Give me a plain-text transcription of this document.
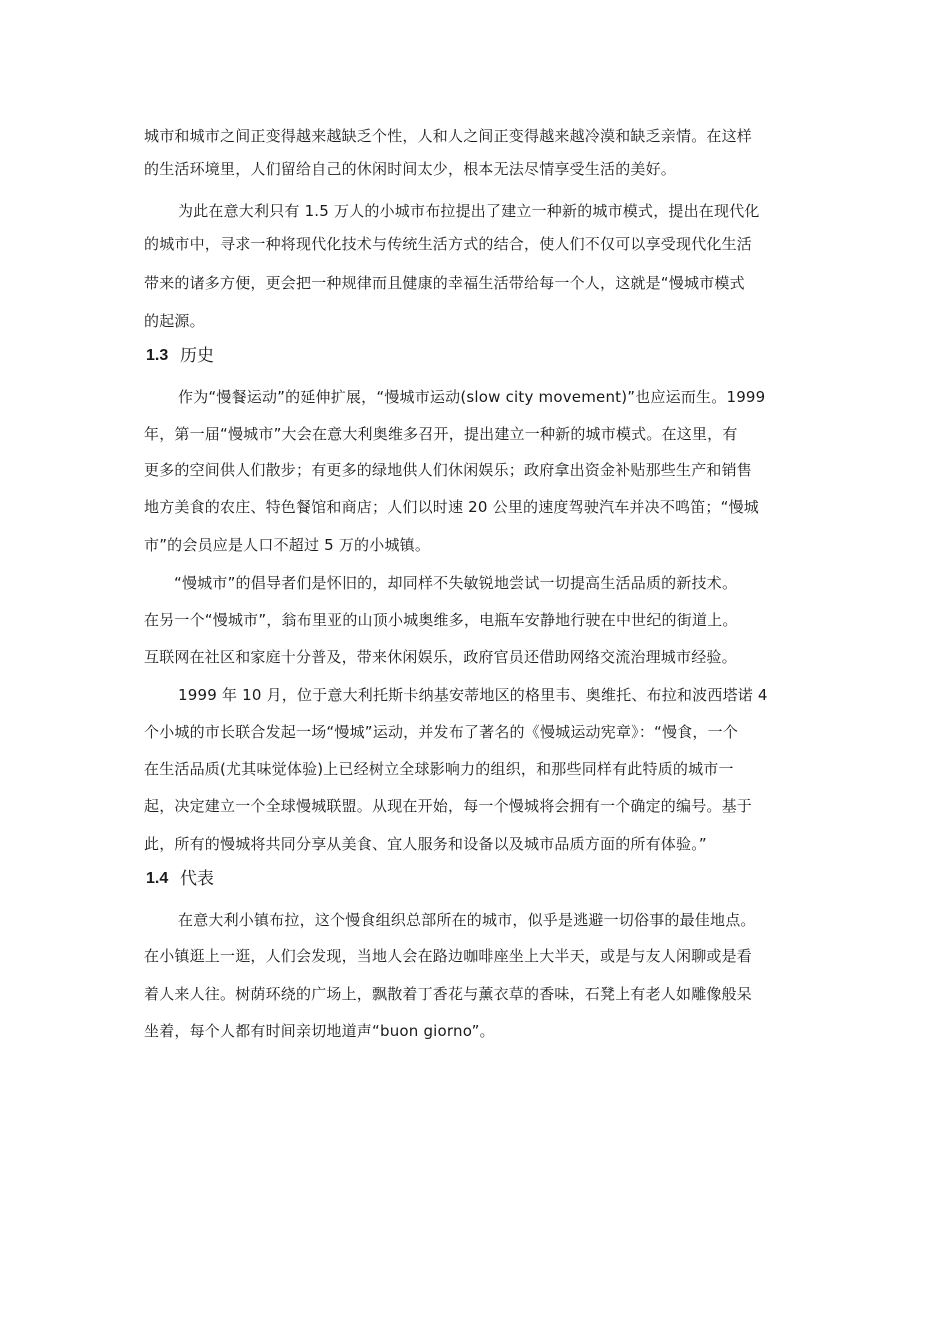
城市和城市之间正变得越来越缺乏个性，人和人之间正变得越来越冷漠和缺乏亲情。在这样
的生活环境里，人们留给自己的休闲时间太少，根本无法尽情享受生活的美好。
为此在意大利只有 1.5 万人的小城市布拉提出了建立一种新的城市模式，提出在现代化
的城市中，寻求一种将现代化技术与传统生活方式的结合，使人们不仅可以享受现代化生活
带来的诸多方便，更会把一种规律而且健康的幸福生活带给每一个人，这就是“慢城市模式
的起源。
1.3 历史
作为“慢餐运动”的延伸扩展，“慢城市运动(slow city movement)”也应运而生。1999
年，第一届“慢城市”大会在意大利奥维多召开，提出建立一种新的城市模式。在这里，有
更多的空间供人们散步；有更多的绿地供人们休闲娱乐；政府拿出资金补贴那些生产和销售
地方美食的农庄、特色餐馆和商店；人们以时速 20 公里的速度驾驶汽车并决不鸣笛；“慢城
市”的会员应是人口不超过 5 万的小城镇。
“慢城市”的倡导者们是怀旧的，却同样不失敏锐地尝试一切提高生活品质的新技术。
在另一个“慢城市”，翁布里亚的山顶小城奥维多，电瓶车安静地行驶在中世纪的街道上。
互联网在社区和家庭十分普及，带来休闲娱乐，政府官员还借助网络交流治理城市经验。
1999 年 10 月，位于意大利托斯卡纳基安蒂地区的格里韦、奥维托、布拉和波西塔诺 4
个小城的市长联合发起一场“慢城”运动，并发布了著名的《慢城运动宪章》：“慢食，一个
在生活品质(尤其味觉体验)上已经树立全球影响力的组织，和那些同样有此特质的城市一
起，决定建立一个全球慢城联盟。从现在开始，每一个慢城将会拥有一个确定的编号。基于
此，所有的慢城将共同分享从美食、宜人服务和设备以及城市品质方面的所有体验。”
1.4 代表
在意大利小镇布拉，这个慢食组织总部所在的城市，似乎是逃避一切俗事的最佳地点。
在小镇逛上一逛，人们会发现，当地人会在路边咖啡座坐上大半天，或是与友人闲聊或是看
着人来人往。树荫环绕的广场上，飘散着丁香花与薰衣草的香味，石凳上有老人如雕像般呆
坐着，每个人都有时间亲切地道声“buon giorno”。
